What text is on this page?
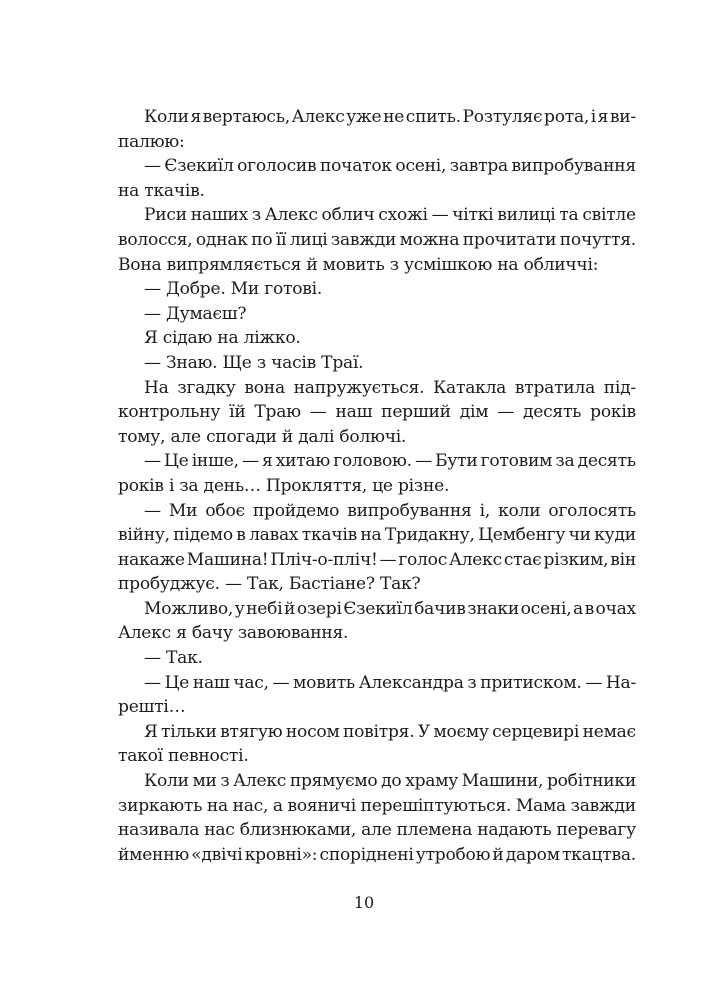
Коли я вертаюсь, Алекс уже не спить. Розтуляє рота, і я ви-
палюю:
— Єзекиїл оголосив початок осені, завтра випробування
на ткачів.
Риси наших з Алекс облич схожі — чіткі вилиці та світле
волосся, однак по її лиці завжди можна прочитати почуття.
Вона випрямляється й мовить з усмішкою на обличчі:
— Добре. Ми готові.
— Думаєш?
Я сідаю на ліжко.
— Знаю. Ще з часів Траї.
На згадку вона напружується. Катакла втратила під-
контрольну їй Траю — наш перший дім — десять років
тому, але спогади й далі болючі.
— Це інше, — я хитаю головою. — Бути готовим за десять
років і за день… Прокляття, це різне.
— Ми обоє пройдемо випробування і, коли оголосять
війну, підемо в лавах ткачів на Тридакну, Цембенгу чи куди
накаже Машина! Пліч-о-пліч! — голос Алекс стає різким, він
пробуджує. — Так, Бастіане? Так?
Можливо, у небі й озері Єзекиїл бачив знаки осені, а в очах
Алекс я бачу завоювання.
— Так.
— Це наш час, — мовить Александра з притиском. — На-
решті…
Я тільки втягую носом повітря. У моєму серцевирі немає
такої певності.
Коли ми з Алекс прямуємо до храму Машини, робітники
зиркають на нас, а вояничі перешіптуються. Мама завжди
називала нас близнюками, але племена надають перевагу
йменню «двічі кровні»: споріднені утробою й даром ткацтва.
10
